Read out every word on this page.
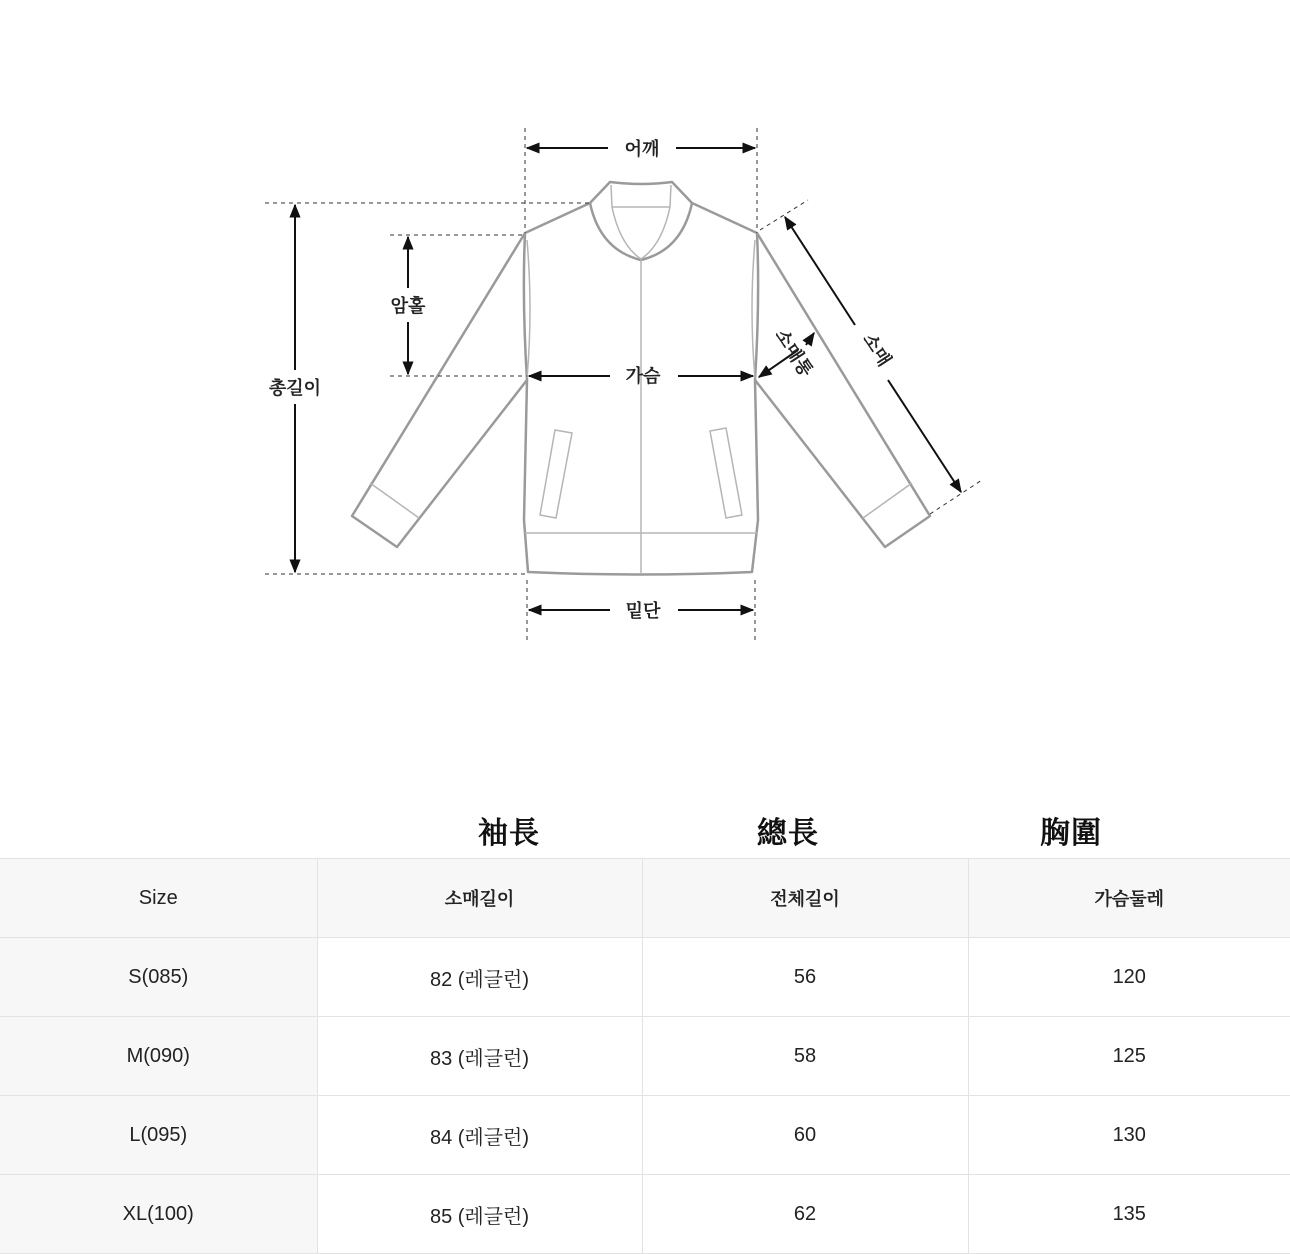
어깨
총길이
암홀
가슴
밑단
소매
소매통
袖長	總長	胸圍
Size	소매길이	전체길이	가슴둘레
S(085)	82 (레글런)	56	120
M(090)	83 (레글런)	58	125
L(095)	84 (레글런)	60	130
XL(100)	85 (레글런)	62	135
